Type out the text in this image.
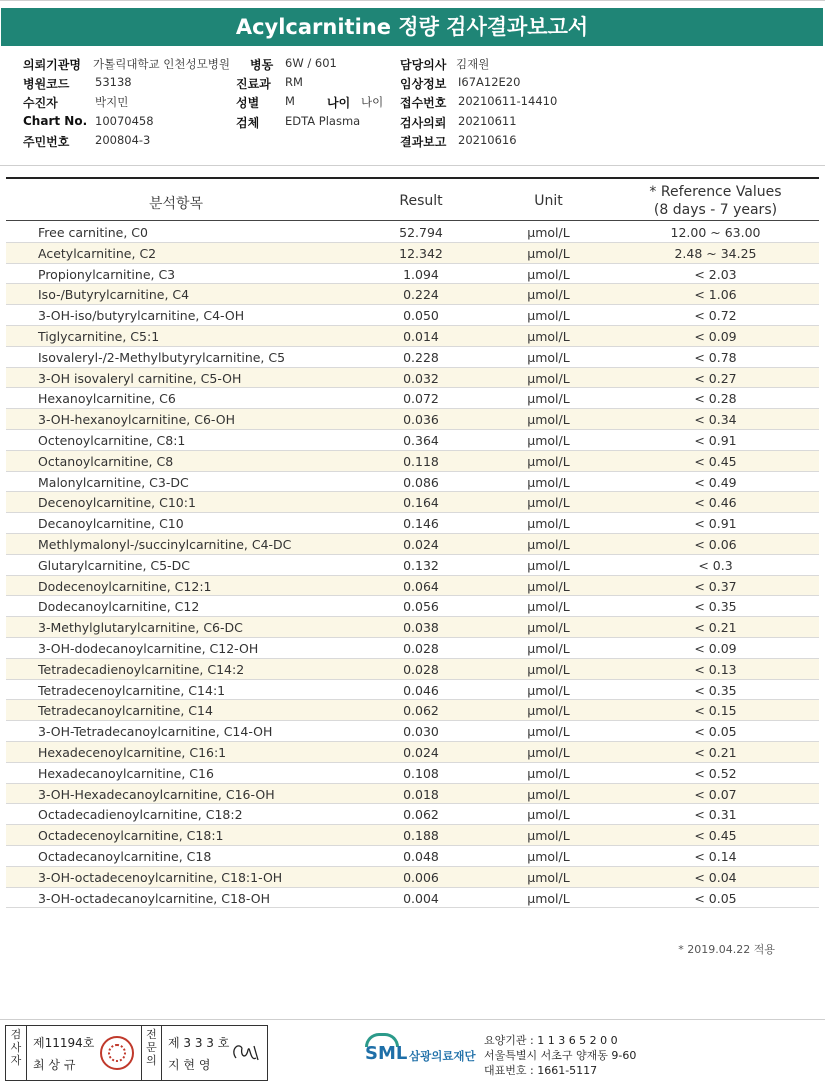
Acylcarnitine 정량 검사결과보고서
의뢰기관명 가톨릭대학교 인천성모병원 병동 6W / 601	담당의사 김재원
병원코드 53138	진료과 RM	임상정보 I67A12E20
수진자	박지민	성별 M	나이 나이 접수번호 20210611-14410
Chart No. 10070458	검체 EDTA Plasma	검사의뢰 20210611
주민번호 200804-3	결과보고 20210616
분석항목	Result	Unit
* Reference Values
(8 days - 7 years)
Free carnitine, C0	52.794	μmol/L	12.00 ~ 63.00
Acetylcarnitine, C2	12.342	μmol/L	2.48 ~ 34.25
Propionylcarnitine, C3	1.094	μmol/L	< 2.03
Iso-/Butyrylcarnitine, C4	0.224	μmol/L	< 1.06
3-OH-iso/butyrylcarnitine, C4-OH	0.050	μmol/L	< 0.72
Tiglycarnitine, C5:1	0.014	μmol/L	< 0.09
Isovaleryl-/2-Methylbutyrylcarnitine, C5	0.228	μmol/L	< 0.78
3-OH isovaleryl carnitine, C5-OH	0.032	μmol/L	< 0.27
Hexanoylcarnitine, C6	0.072	μmol/L	< 0.28
3-OH-hexanoylcarnitine, C6-OH	0.036	μmol/L	< 0.34
Octenoylcarnitine, C8:1	0.364	μmol/L	< 0.91
Octanoylcarnitine, C8	0.118	μmol/L	< 0.45
Malonylcarnitine, C3-DC	0.086	μmol/L	< 0.49
Decenoylcarnitine, C10:1	0.164	μmol/L	< 0.46
Decanoylcarnitine, C10	0.146	μmol/L	< 0.91
Methlymalonyl-/succinylcarnitine, C4-DC	0.024	μmol/L	< 0.06
Glutarylcarnitine, C5-DC	0.132	μmol/L	< 0.3
Dodecenoylcarnitine, C12:1	0.064	μmol/L	< 0.37
Dodecanoylcarnitine, C12	0.056	μmol/L	< 0.35
3-Methylglutarylcarnitine, C6-DC	0.038	μmol/L	< 0.21
3-OH-dodecanoylcarnitine, C12-OH	0.028	μmol/L	< 0.09
Tetradecadienoylcarnitine, C14:2	0.028	μmol/L	< 0.13
Tetradecenoylcarnitine, C14:1	0.046	μmol/L	< 0.35
Tetradecanoylcarnitine, C14	0.062	μmol/L	< 0.15
3-OH-Tetradecanoylcarnitine, C14-OH	0.030	μmol/L	< 0.05
Hexadecenoylcarnitine, C16:1	0.024	μmol/L	< 0.21
Hexadecanoylcarnitine, C16	0.108	μmol/L	< 0.52
3-OH-Hexadecanoylcarnitine, C16-OH	0.018	μmol/L	< 0.07
Octadecadienoylcarnitine, C18:2	0.062	μmol/L	< 0.31
Octadecenoylcarnitine, C18:1	0.188	μmol/L	< 0.45
Octadecanoylcarnitine, C18	0.048	μmol/L	< 0.14
3-OH-octadecenoylcarnitine, C18:1-OH	0.006	μmol/L	< 0.04
3-OH-octadecanoylcarnitine, C18-OH	0.004	μmol/L	< 0.05
* 2019.04.22 적용
검사자
제11194호
최 상 규
전문의
제 3 3 3 호
지 현 영
SML 삼광의료재단
요양기관 : 1 1 3 6 5 2 0 0
서울특별시 서초구 양재동 9-60
대표번호 : 1661-5117
